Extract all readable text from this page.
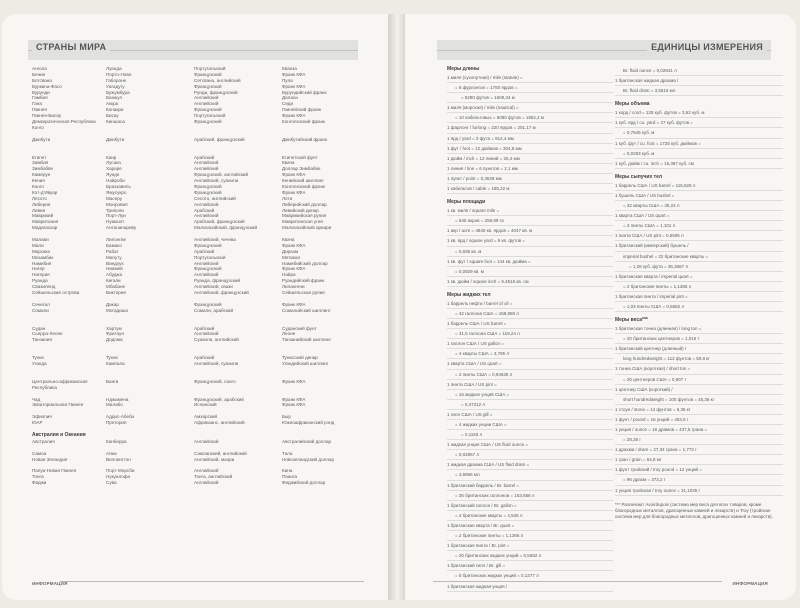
СТРАНЫ МИРА
Ангола
Бенин
Ботсвана
Буркина-Фасо
Бурунди
Гамбия
Гана
Гвинея
Гвинея-Бисау
Демократическая Республика Конго
Джибути
Египет
Замбия
Зимбабве
Камерун
Кения
Конго
Кот-д'Ивуар
Лесото
Либерия
Ливия
Маврикий
Мавритания
Мадагаскар
Малави
Мали
Марокко
Мозамбик
Намибия
Нигер
Нигерия
Руанда
Свазиленд
Сейшельские острова
Сенегал
Сомали
Судан
Сьерра-Леоне
Танзания
Тунис
Уганда
Центрально-африканская Республика
Чад
Экваториальная Гвинея
Эфиопия
ЮАР
Австралия и Океания
Австралия
Самоа
Новая Зеландия
Папуа-Новая Гвинея
Тонга
Фиджи
Луанда
Порто-Ново
Габороне
Уагадугу
Бужумбура
Банжул
Аккра
Конакри
Бисау
Киншаса
Джибути
Каир
Лусака
Хараре
Яунде
Найроби
Браззавиль
Ямусукро
Масеру
Монровия
Триполи
Порт-Луи
Нуакшот
Антананариву
Лилонгве
Бамако
Рабат
Мапуту
Виндхук
Ниамей
Абуджа
Кигали
Мбабане
Виктория
Дакар
Могадишо
Хартум
Фритаун
Додома
Тунис
Кампала
Банги
Нджамена
Малабо
Аддис-Абеба
Претория

Канберра
Апиа
Веллингтон
Порт-Морсби
Нукуалофа
Сува
Португальский
Французский
Сетсвана, английский
Французский
Рунди, французский
Английский
Английский
Французский
Португальский
Французский
Арабский, французский
Арабский
Английский
Английский
Французский, английский
Английский, суахили
Французский
Французский
Сесото, английский
Английский
Арабский
Английский
Арабский, французский
Малагасийский, французский
Английский, чичева
Французский
Арабский
Португальский
Английский
Французский
Английский
Руанда, французский
Английский, свази
Английский, французский
Французский
Сомали, арабский
Арабский
Английский
Суахили, английский
Арабский
Английский, суахили
Французский, санго
Французский, арабский
Испанский
Амхарский
Африкаанс, английский

Английский
Самоанский, английский
Английский, маори
Английский
Тонга, английский
Английский
Кванза
Франк КФА
Пула
Франк КФА
Бурундийский франк
Даласи
Седи
Гвинейский франк
Франк КФА
Конголезский франк
Джибутийский франк
Египетский фунт
Квача
Доллар Зимбабве
Франк КФА
Кенийский шиллинг
Конголезский франк
Франк КФА
Лоти
Либерийский доллар
Ливийский динар
Маврикийская рупия
Мавританская угия
Малагасийский ариари
Квача
Франк КФА
Дирхам
Метикал
Намибийский доллар
Франк КФА
Найра
Руандийский франк
Лилангени
Сейшельская рупия
Франк КФА
Сомалийский шиллинг
Суданский фунт
Леоне
Танзанийский шиллинг
Тунисский динар
Угандийский шиллинг
Франк КФА
Франк КФА
Франк КФА
Быр
Южноафриканский рэнд

Австралийский доллар
Тала
Новозеландский доллар
Кина
Паанга
Фиджийский доллар
ИНФОРМАЦИЯ
ЕДИНИЦЫ ИЗМЕРЕНИЯ
Меры длины
1 миля (сухопутная) / mile (statute) =
= 8 фурлонгов = 1760 ярдов =
= 5280 футов = 1609,34 м
1 миля (морская) / mile (nautical) =
= 10 кабельтовых = 6080 футов = 1852,2 м
1 фарлонг / furlong = 220 ярдов = 201,17 м
1 ярд / yard = 3 фута = 914,4 мм
1 фут / foot = 12 дюймов = 304,8 мм
1 дюйм / inch = 12 линий = 25,4 мм
1 линия / line = 6 пунктов = 2,1 мм
1 пункт / point = 0,3528 мм
1 кабельтов / cable = 185,22 м
Меры площади
1 кв. миля / square mile =
= 640 акров = 258,99 га
1 акр / acre = 4840 кв. ярдов = 4047 кв. м
1 кв. ярд / square yard = 9 кв. футов =
= 0,836 кв. м
1 кв. фут / square foot = 144 кв. дюйма =
= 0,0929 кв. м
1 кв. дюйм / square inch = 6,4516 кв. см
Меры жидких тел
1 баррель нефти / barrel of oil =
= 42 галлона США = 158,988 л
1 баррель США / US barrel =
= 31,5 галлона США = 119,24 л
1 галлон США / US gallon =
= 4 кварты США = 3,785 л
1 кварта США / US quart =
= 2 пинты США = 0,94635 л
1 пинта США / US pint =
= 16 жидких унций США =
= 0,47312 л
1 гилл США / US gill =
= 4 жидких унции США =
= 0,1183 л
1 жидкая унция США / US fluid ounce =
= 0,02957 л
1 жидкая драхма США / US fluid dram =
= 3,6966 мл
1 британский баррель / Br. barrel =
= 36 британских галлонов = 163,656 л
1 британский галлон / Br. gallon =
= 4 британские кварты = 4,546 л
1 британская кварта / Br. quart =
= 2 британские пинты = 1,1365 л
1 британская пинта / Br. pint =
= 20 британских жидких унций = 0,5682 л
1 британский гилл / Br. gill =
= 5 британских жидких унций = 0,1377 л
1 британская жидкая унция /
Br. fluid ounce = 0,02841 л
1 британская жидкая драхма /
Br. fluid dram = 3,5516 мл
Меры объема
1 корд / cord = 128 куб. футов = 3,62 куб. м
1 куб. ярд / cu. yard = 27 куб. футов =
= 0,7645 куб. м
1 куб. фут / cu. foot = 1728 куб. дюймов =
= 0,0283 куб. м
1 куб. дюйм / cu. inch = 16,387 куб. см
Меры сыпучих тел
1 баррель США / US barrel = 115,628 л
1 бушель США / US bushel =
= 32 кварты США = 35,24 л
1 кварта США / US quart =
= 2 пинты США = 1,101 л
1 пинта США / US pint = 0,5506 л
1 британский (имперский) бушель /
imperial bushel = 32 британские кварты =
= 1,28 куб. фута = 36,3687 л
1 британская кварта / imperial quart =
= 2 британские пинты = 1,1365 л
1 британская пинта / imperial pint =
= 1,03 пинты США = 0,5682 л
Меры веса***
1 британская тонна (длинная) / long ton =
= 20 британских центнеров = 1,016 т
1 британский центнер (длинный) /
long hundredweight = 112 фунтов = 50,8 кг
1 тонна США (короткая) / short ton =
= 20 центнеров США = 0,907 т
1 центнер США (короткий) /
short hundredweight = 100 фунтов = 45,36 кг
1 стоун / stone = 14 фунтов = 6,35 кг
1 фунт / pound = 16 унций = 453,6 г
1 унция / ounce = 16 драмов = 437,5 грана =
= 28,35 г
1 драхма / dram = 27,34 грана = 1,772 г
1 гран / grain = 64,8 мг
1 фунт тройский / troy pound = 12 унций =
= 96 драхм = 373,2 г
1 унция тройская / troy ounce = 31,1035 г
*** Различают Avoirdupois (система мер веса для всех товаров, кроме благородных металлов, драгоценных камней и лекарств) и Troy (тройская система мер для благородных металлов, драгоценных камней и лекарств).
ИНФОРМАЦИЯ
